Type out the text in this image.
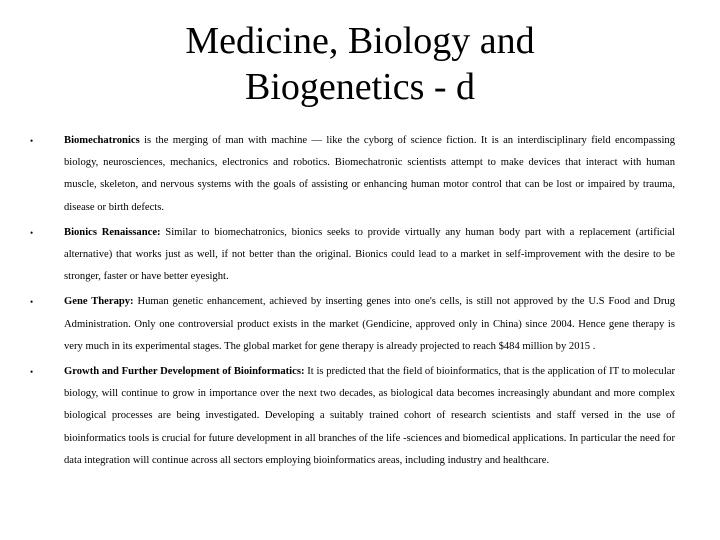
Medicine, Biology and
Biogenetics - d
•	Biomechatronics is the merging of man with machine — like the cyborg of science fiction. It is an interdisciplinary field encompassing biology, neurosciences, mechanics, electronics and robotics. Biomechatronic scientists attempt to make devices that interact with human muscle, skeleton, and nervous systems with the goals of assisting or enhancing human motor control that can be lost or impaired by trauma, disease or birth defects.
•	Bionics Renaissance: Similar to biomechatronics, bionics seeks to provide virtually any human body part with a replacement (artificial alternative) that works just as well, if not better than the original. Bionics could lead to a market in self-improvement with the desire to be stronger, faster or have better eyesight.
•	Gene Therapy: Human genetic enhancement, achieved by inserting genes into one's cells, is still not approved by the U.S Food and Drug Administration. Only one controversial product exists in the market (Gendicine, approved only in China) since 2004. Hence gene therapy is very much in its experimental stages. The global market for gene therapy is already projected to reach $484 million by 2015 .
•	Growth and Further Development of Bioinformatics: It is predicted that the field of bioinformatics, that is the application of IT to molecular biology, will continue to grow in importance over the next two decades, as biological data becomes increasingly abundant and more complex biological processes are being investigated. Developing a suitably trained cohort of research scientists and staff versed in the use of bioinformatics tools is crucial for future development in all branches of the life -sciences and biomedical applications. In particular the need for data integration will continue across all sectors employing bioinformatics areas, including industry and healthcare.
